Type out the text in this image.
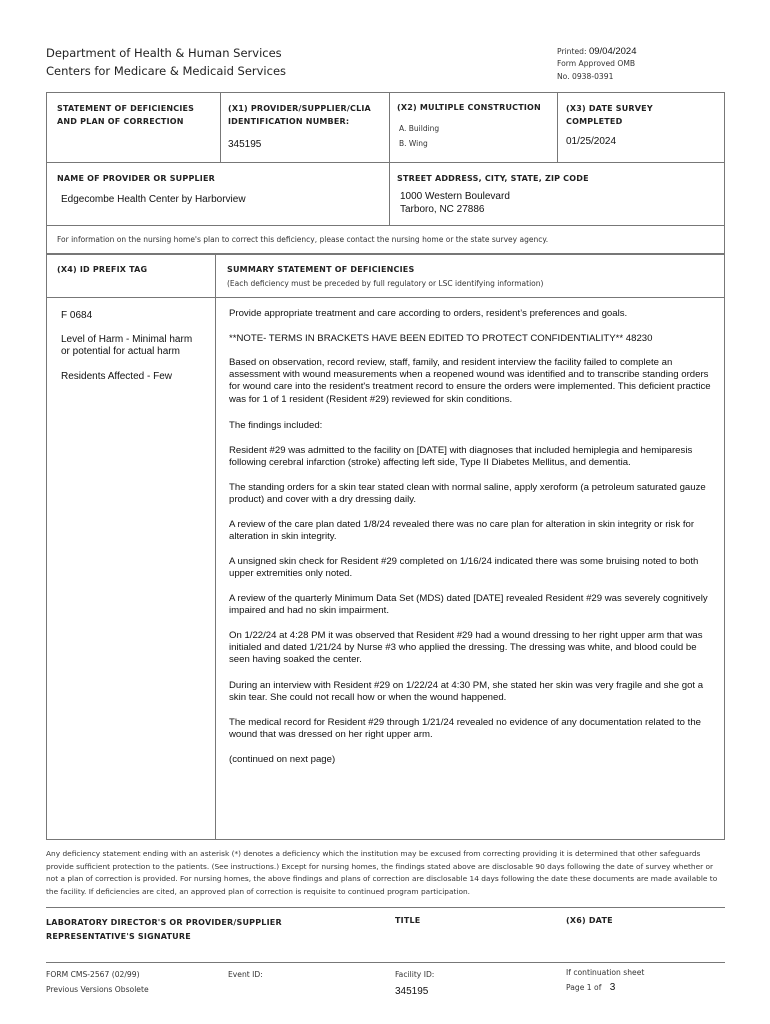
Department of Health & Human Services
Centers for Medicare & Medicaid Services
Printed: 09/04/2024
Form Approved OMB
No. 0938-0391
STATEMENT OF DEFICIENCIES
AND PLAN OF CORRECTION
(X1) PROVIDER/SUPPLIER/CLIA
IDENTIFICATION NUMBER:
345195
(X2) MULTIPLE CONSTRUCTION
A. Building
B. Wing
(X3) DATE SURVEY
COMPLETED
01/25/2024
NAME OF PROVIDER OR SUPPLIER
Edgecombe Health Center by Harborview
STREET ADDRESS, CITY, STATE, ZIP CODE
1000 Western Boulevard
Tarboro, NC 27886
For information on the nursing home's plan to correct this deficiency, please contact the nursing home or the state survey agency.
(X4) ID PREFIX TAG	SUMMARY STATEMENT OF DEFICIENCIES
(Each deficiency must be preceded by full regulatory or LSC identifying information)
F 0684
Level of Harm - Minimal harm
or potential for actual harm
Residents Affected - Few

Provide appropriate treatment and care according to orders, resident’s preferences and goals.

**NOTE- TERMS IN BRACKETS HAVE BEEN EDITED TO PROTECT CONFIDENTIALITY** 48230

Based on observation, record review, staff, family, and resident interview the facility failed to complete an assessment with wound measurements when a reopened wound was identified and to transcribe standing orders for wound care into the resident's treatment record to ensure the orders were implemented. This deficient practice was for 1 of 1 resident (Resident #29) reviewed for skin conditions.

The findings included:

Resident #29 was admitted to the facility on [DATE] with diagnoses that included hemiplegia and hemiparesis following cerebral infarction (stroke) affecting left side, Type II Diabetes Mellitus, and dementia.

The standing orders for a skin tear stated clean with normal saline, apply xeroform (a petroleum saturated gauze product) and cover with a dry dressing daily.

A review of the care plan dated 1/8/24 revealed there was no care plan for alteration in skin integrity or risk for alteration in skin integrity.

A unsigned skin check for Resident #29 completed on 1/16/24 indicated there was some bruising noted to both upper extremities only noted.

A review of the quarterly Minimum Data Set (MDS) dated [DATE] revealed Resident #29 was severely cognitively impaired and had no skin impairment.

On 1/22/24 at 4:28 PM it was observed that Resident #29 had a wound dressing to her right upper arm that was initialed and dated 1/21/24 by Nurse #3 who applied the dressing. The dressing was white, and blood could be seen having soaked the center.

During an interview with Resident #29 on 1/22/24 at 4:30 PM, she stated her skin was very fragile and she got a skin tear. She could not recall how or when the wound happened.

The medical record for Resident #29 through 1/21/24 revealed no evidence of any documentation related to the wound that was dressed on her right upper arm.

(continued on next page)

Any deficiency statement ending with an asterisk (*) denotes a deficiency which the institution may be excused from correcting providing it is determined that other safeguards provide sufficient protection to the patients. (See instructions.) Except for nursing homes, the findings stated above are disclosable 90 days following the date of survey whether or not a plan of correction is provided. For nursing homes, the above findings and plans of correction are disclosable 14 days following the date these documents are made available to the facility. If deficiencies are cited, an approved plan of correction is requisite to continued program participation.

LABORATORY DIRECTOR'S OR PROVIDER/SUPPLIER
REPRESENTATIVE'S SIGNATURE
TITLE	(X6) DATE
FORM CMS-2567 (02/99)
Previous Versions Obsolete
Event ID:	Facility ID:
345195
If continuation sheet
Page 1 of 3
